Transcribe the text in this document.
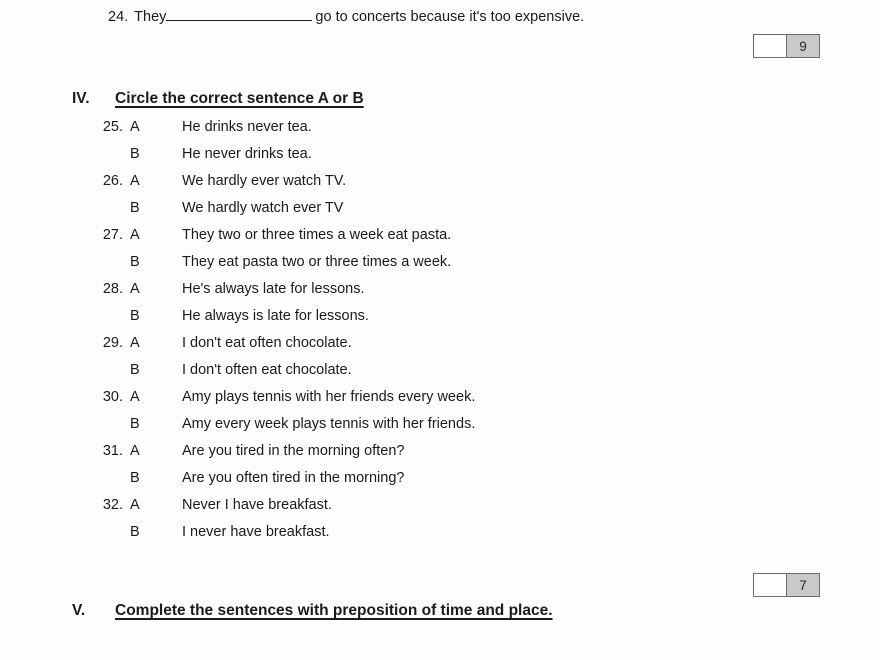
24. They	go to concerts because it's too expensive.
9
IV.	Circle the correct sentence A or B
25. A	He drinks never tea.
B	He never drinks tea.
26. A	We hardly ever watch TV.
B	We hardly watch ever TV
27. A	They two or three times a week eat pasta.
B	They eat pasta two or three times a week.
28. A	He's always late for lessons.
B	He always is late for lessons.
29. A	I don't eat often chocolate.
B	I don't often eat chocolate.
30. A	Amy plays tennis with her friends every week.
B	Amy every week plays tennis with her friends.
31. A	Are you tired in the morning often?
B	Are you often tired in the morning?
32. A	Never I have breakfast.
B	I never have breakfast.
7
V.	Complete the sentences with preposition of time and place.
